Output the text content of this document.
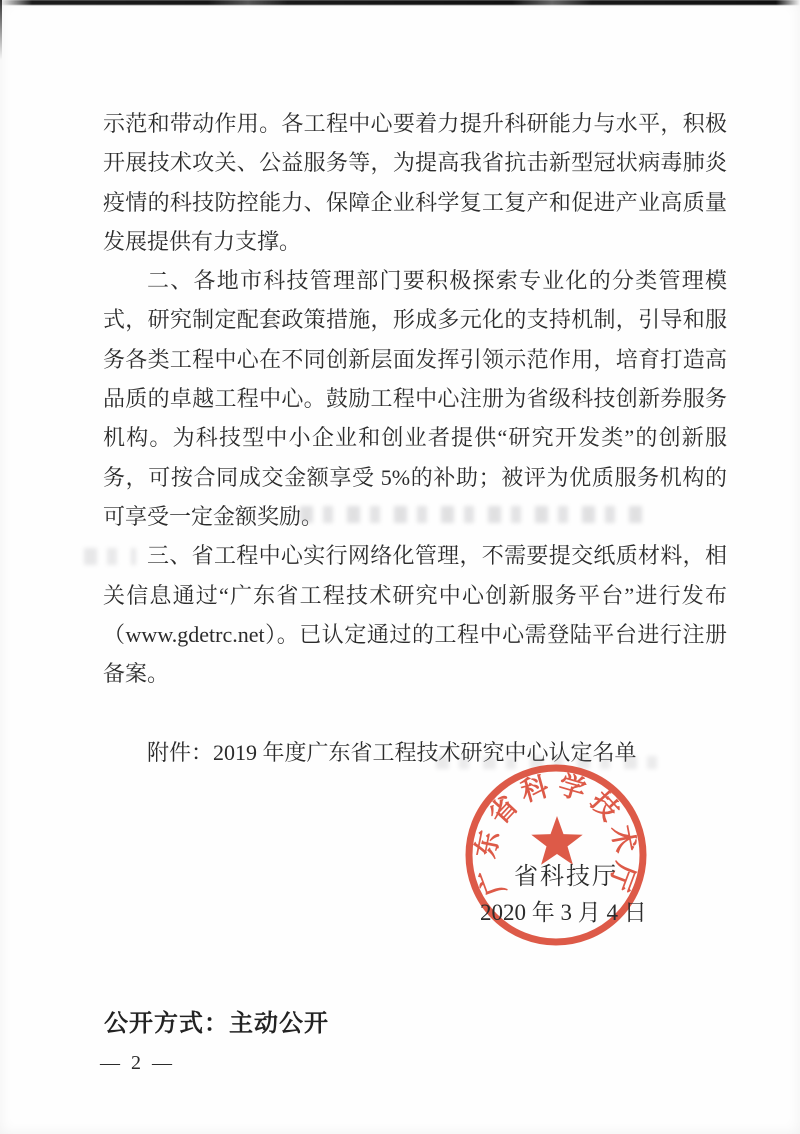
示范和带动作用。各工程中心要着力提升科研能力与水平，积极开展技术攻关、公益服务等，为提高我省抗击新型冠状病毒肺炎疫情的科技防控能力、保障企业科学复工复产和促进产业高质量发展提供有力支撑。

二、各地市科技管理部门要积极探索专业化的分类管理模式，研究制定配套政策措施，形成多元化的支持机制，引导和服务各类工程中心在不同创新层面发挥引领示范作用，培育打造高品质的卓越工程中心。鼓励工程中心注册为省级科技创新券服务机构。为科技型中小企业和创业者提供“研究开发类”的创新服务，可按合同成交金额享受 5%的补助；被评为优质服务机构的可享受一定金额奖励。

三、省工程中心实行网络化管理，不需要提交纸质材料，相关信息通过“广东省工程技术研究中心创新服务平台”进行发布（www.gdetrc.net）。已认定通过的工程中心需登陆平台进行注册备案。

附件：2019 年度广东省工程技术研究中心认定名单

广东省科学技术厅
省科技厅
2020 年 3 月 4 日
公开方式：主动公开
— 2 —
